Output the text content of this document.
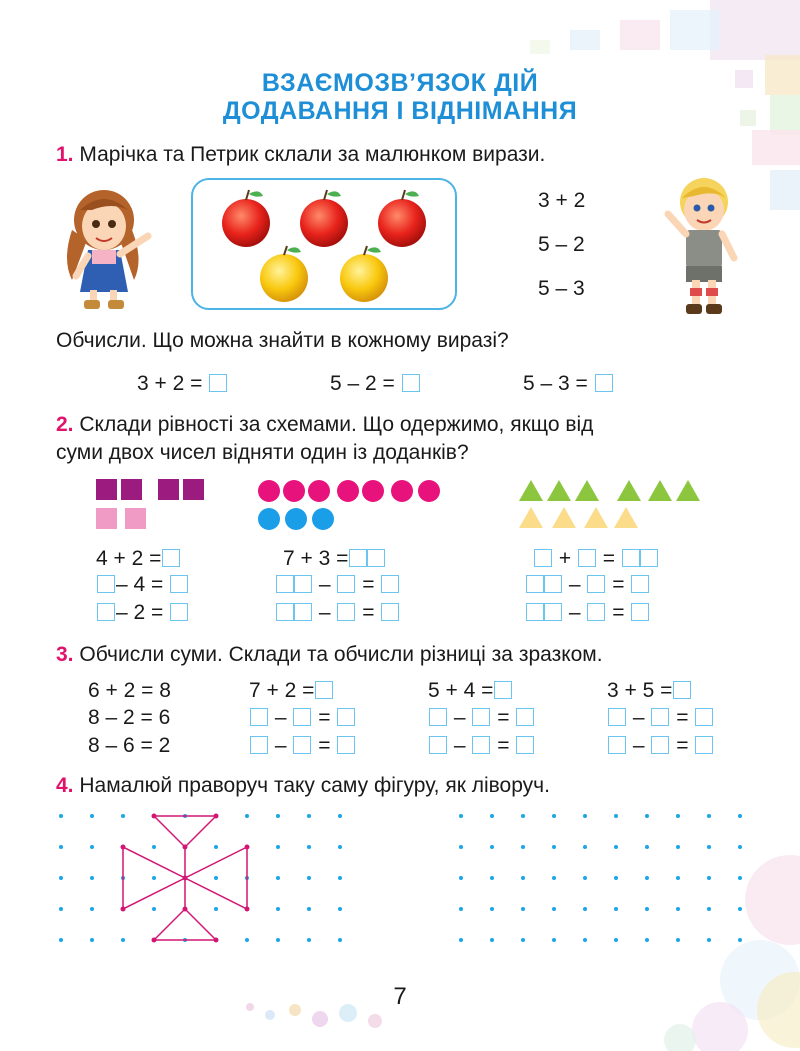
ВЗАЄМОЗВ’ЯЗОК ДІЙ
ДОДАВАННЯ І ВІДНІМАННЯ
1. Марічка та Петрик склали за малюнком вирази.
3 + 2
5 – 2
5 – 3
Обчисли. Що можна знайти в кожному виразі?
3 + 2 =	5 – 2 =	5 – 3 =
2. Склади рівності за схемами. Що одержимо, якщо від
суми двох чисел відняти один із доданків?
4 + 2 =
– 4 =
– 2 =
7 + 3 =
– =
– =
+ =
– =
– =
3. Обчисли суми. Склади та обчисли різниці за зразком.
6 + 2 = 8
8 – 2 = 6
8 – 6 = 2
7 + 2 =
– =
– =
5 + 4 =
– =
– =
3 + 5 =
– =
– =
4. Намалюй праворуч таку саму фігуру, як ліворуч.
7
